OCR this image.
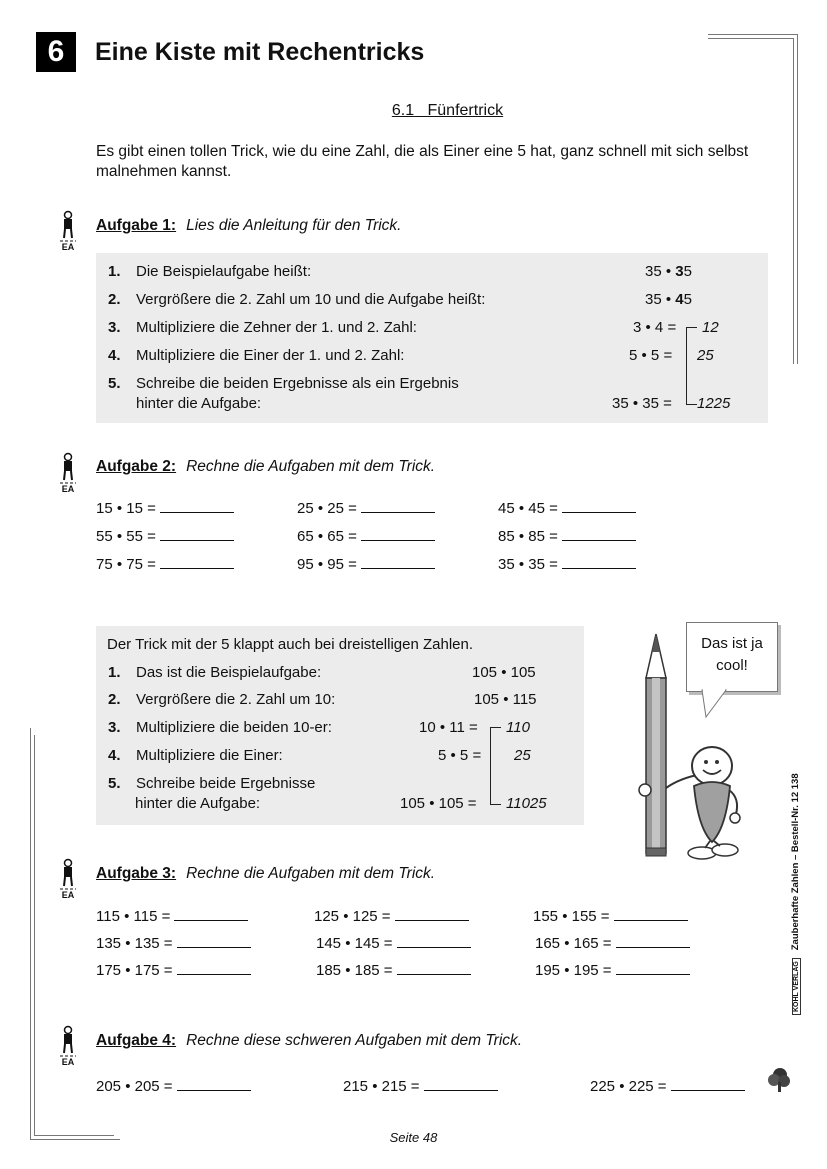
6	Eine Kiste mit Rechentricks
6.1 Fünfertrick
Es gibt einen tollen Trick, wie du eine Zahl, die als Einer eine 5 hat, ganz schnell mit sich selbst malnehmen kannst.
EA
Aufgabe 1: Lies die Anleitung für den Trick.
1. Die Beispielaufgabe heißt:	35 • 35
2. Vergrößere die 2. Zahl um 10 und die Aufgabe heißt:	35 • 45
3. Multipliziere die Zehner der 1. und 2. Zahl:	3 • 4 = 12
4. Multipliziere die Einer der 1. und 2. Zahl:	5 • 5 = 25
5. Schreibe die beiden Ergebnisse als ein Ergebnis
hinter die Aufgabe:	35 • 35 = 1225
EA
Aufgabe 2: Rechne die Aufgaben mit dem Trick.
15 • 15 =	25 • 25 =	45 • 45 =
55 • 55 =	65 • 65 =	85 • 85 =
75 • 75 =	95 • 95 =	35 • 35 =
Der Trick mit der 5 klappt auch bei dreistelligen Zahlen.
1. Das ist die Beispielaufgabe:	105 • 105
2. Vergrößere die 2. Zahl um 10:	105 • 115
3. Multipliziere die beiden 10-er:	10 • 11 = 110
4. Multipliziere die Einer:	5 • 5 = 25
5. Schreibe beide Ergebnisse
hinter die Aufgabe:	105 • 105 = 11025
Das ist ja
cool!
EA
Aufgabe 3: Rechne die Aufgaben mit dem Trick.
115 • 115 =	125 • 125 =	155 • 155 =
135 • 135 =	145 • 145 =	165 • 165 =
175 • 175 =	185 • 185 =	195 • 195 =
EA
Aufgabe 4: Rechne diese schweren Aufgaben mit dem Trick.
205 • 205 =	215 • 215 =	225 • 225 =
KOHL VERLAG   Zauberhafte Zahlen – Bestell-Nr. 12 138
Seite 48
